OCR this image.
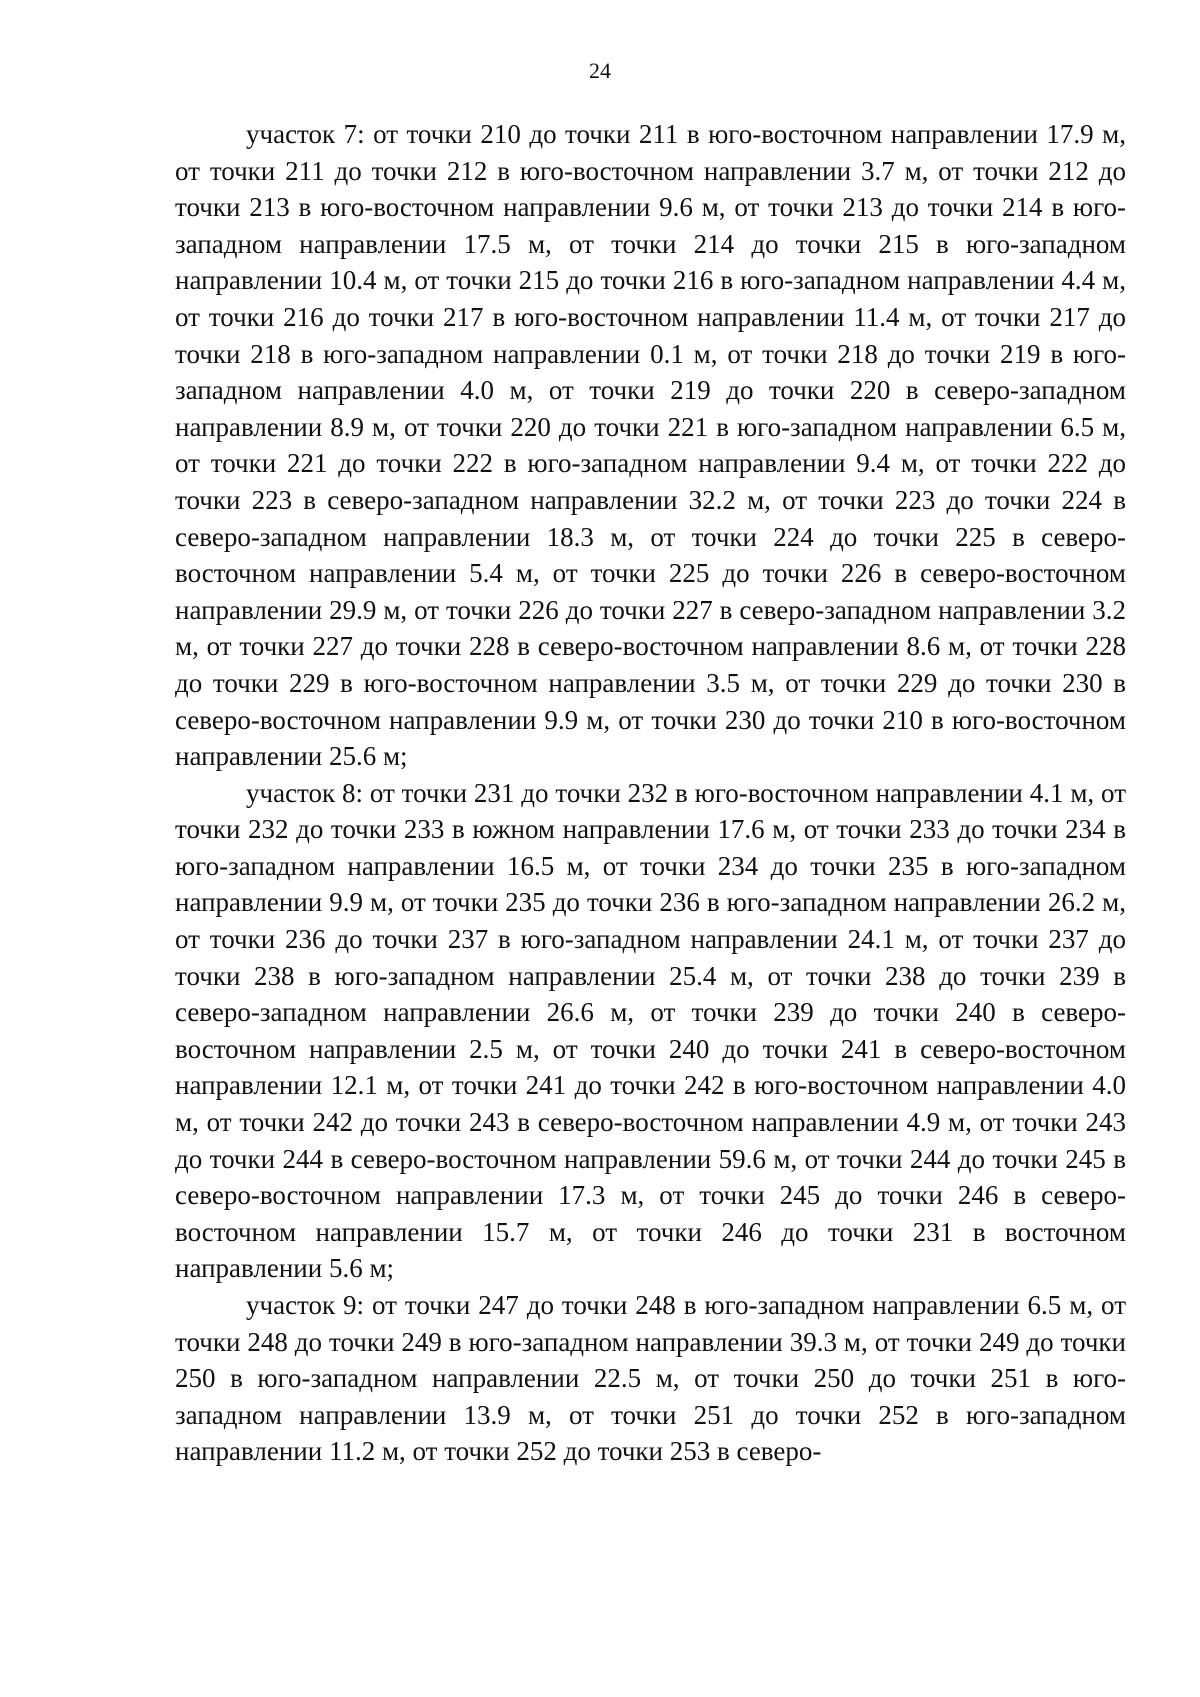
24

участок 7: от точки 210 до точки 211 в юго-восточном направлении 17.9 м, от точки 211 до точки 212 в юго-восточном направлении 3.7 м, от точки 212 до точки 213 в юго-восточном направлении 9.6 м, от точки 213 до точки 214 в юго-западном направлении 17.5 м, от точки 214 до точки 215 в юго-западном направлении 10.4 м, от точки 215 до точки 216 в юго-западном направлении 4.4 м, от точки 216 до точки 217 в юго-восточном направлении 11.4 м, от точки 217 до точки 218 в юго-западном направлении 0.1 м, от точки 218 до точки 219 в юго-западном направлении 4.0 м, от точки 219 до точки 220 в северо-западном направлении 8.9 м, от точки 220 до точки 221 в юго-западном направлении 6.5 м, от точки 221 до точки 222 в юго-западном направлении 9.4 м, от точки 222 до точки 223 в северо-западном направлении 32.2 м, от точки 223 до точки 224 в северо-западном направлении 18.3 м, от точки 224 до точки 225 в северо-восточном направлении 5.4 м, от точки 225 до точки 226 в северо-восточном направлении 29.9 м, от точки 226 до точки 227 в северо-западном направлении 3.2 м, от точки 227 до точки 228 в северо-восточном направлении 8.6 м, от точки 228 до точки 229 в юго-восточном направлении 3.5 м, от точки 229 до точки 230 в северо-восточном направлении 9.9 м, от точки 230 до точки 210 в юго-восточном направлении 25.6 м;

участок 8: от точки 231 до точки 232 в юго-восточном направлении 4.1 м, от точки 232 до точки 233 в южном направлении 17.6 м, от точки 233 до точки 234 в юго-западном направлении 16.5 м, от точки 234 до точки 235 в юго-западном направлении 9.9 м, от точки 235 до точки 236 в юго-западном направлении 26.2 м, от точки 236 до точки 237 в юго-западном направлении 24.1 м, от точки 237 до точки 238 в юго-западном направлении 25.4 м, от точки 238 до точки 239 в северо-западном направлении 26.6 м, от точки 239 до точки 240 в северо-восточном направлении 2.5 м, от точки 240 до точки 241 в северо-восточном направлении 12.1 м, от точки 241 до точки 242 в юго-восточном направлении 4.0 м, от точки 242 до точки 243 в северо-восточном направлении 4.9 м, от точки 243 до точки 244 в северо-восточном направлении 59.6 м, от точки 244 до точки 245 в северо-восточном направлении 17.3 м, от точки 245 до точки 246 в северо-восточном направлении 15.7 м, от точки 246 до точки 231 в восточном направлении 5.6 м;

участок 9: от точки 247 до точки 248 в юго-западном направлении 6.5 м, от точки 248 до точки 249 в юго-западном направлении 39.3 м, от точки 249 до точки 250 в юго-западном направлении 22.5 м, от точки 250 до точки 251 в юго-западном направлении 13.9 м, от точки 251 до точки 252 в юго-западном направлении 11.2 м, от точки 252 до точки 253 в северо-
